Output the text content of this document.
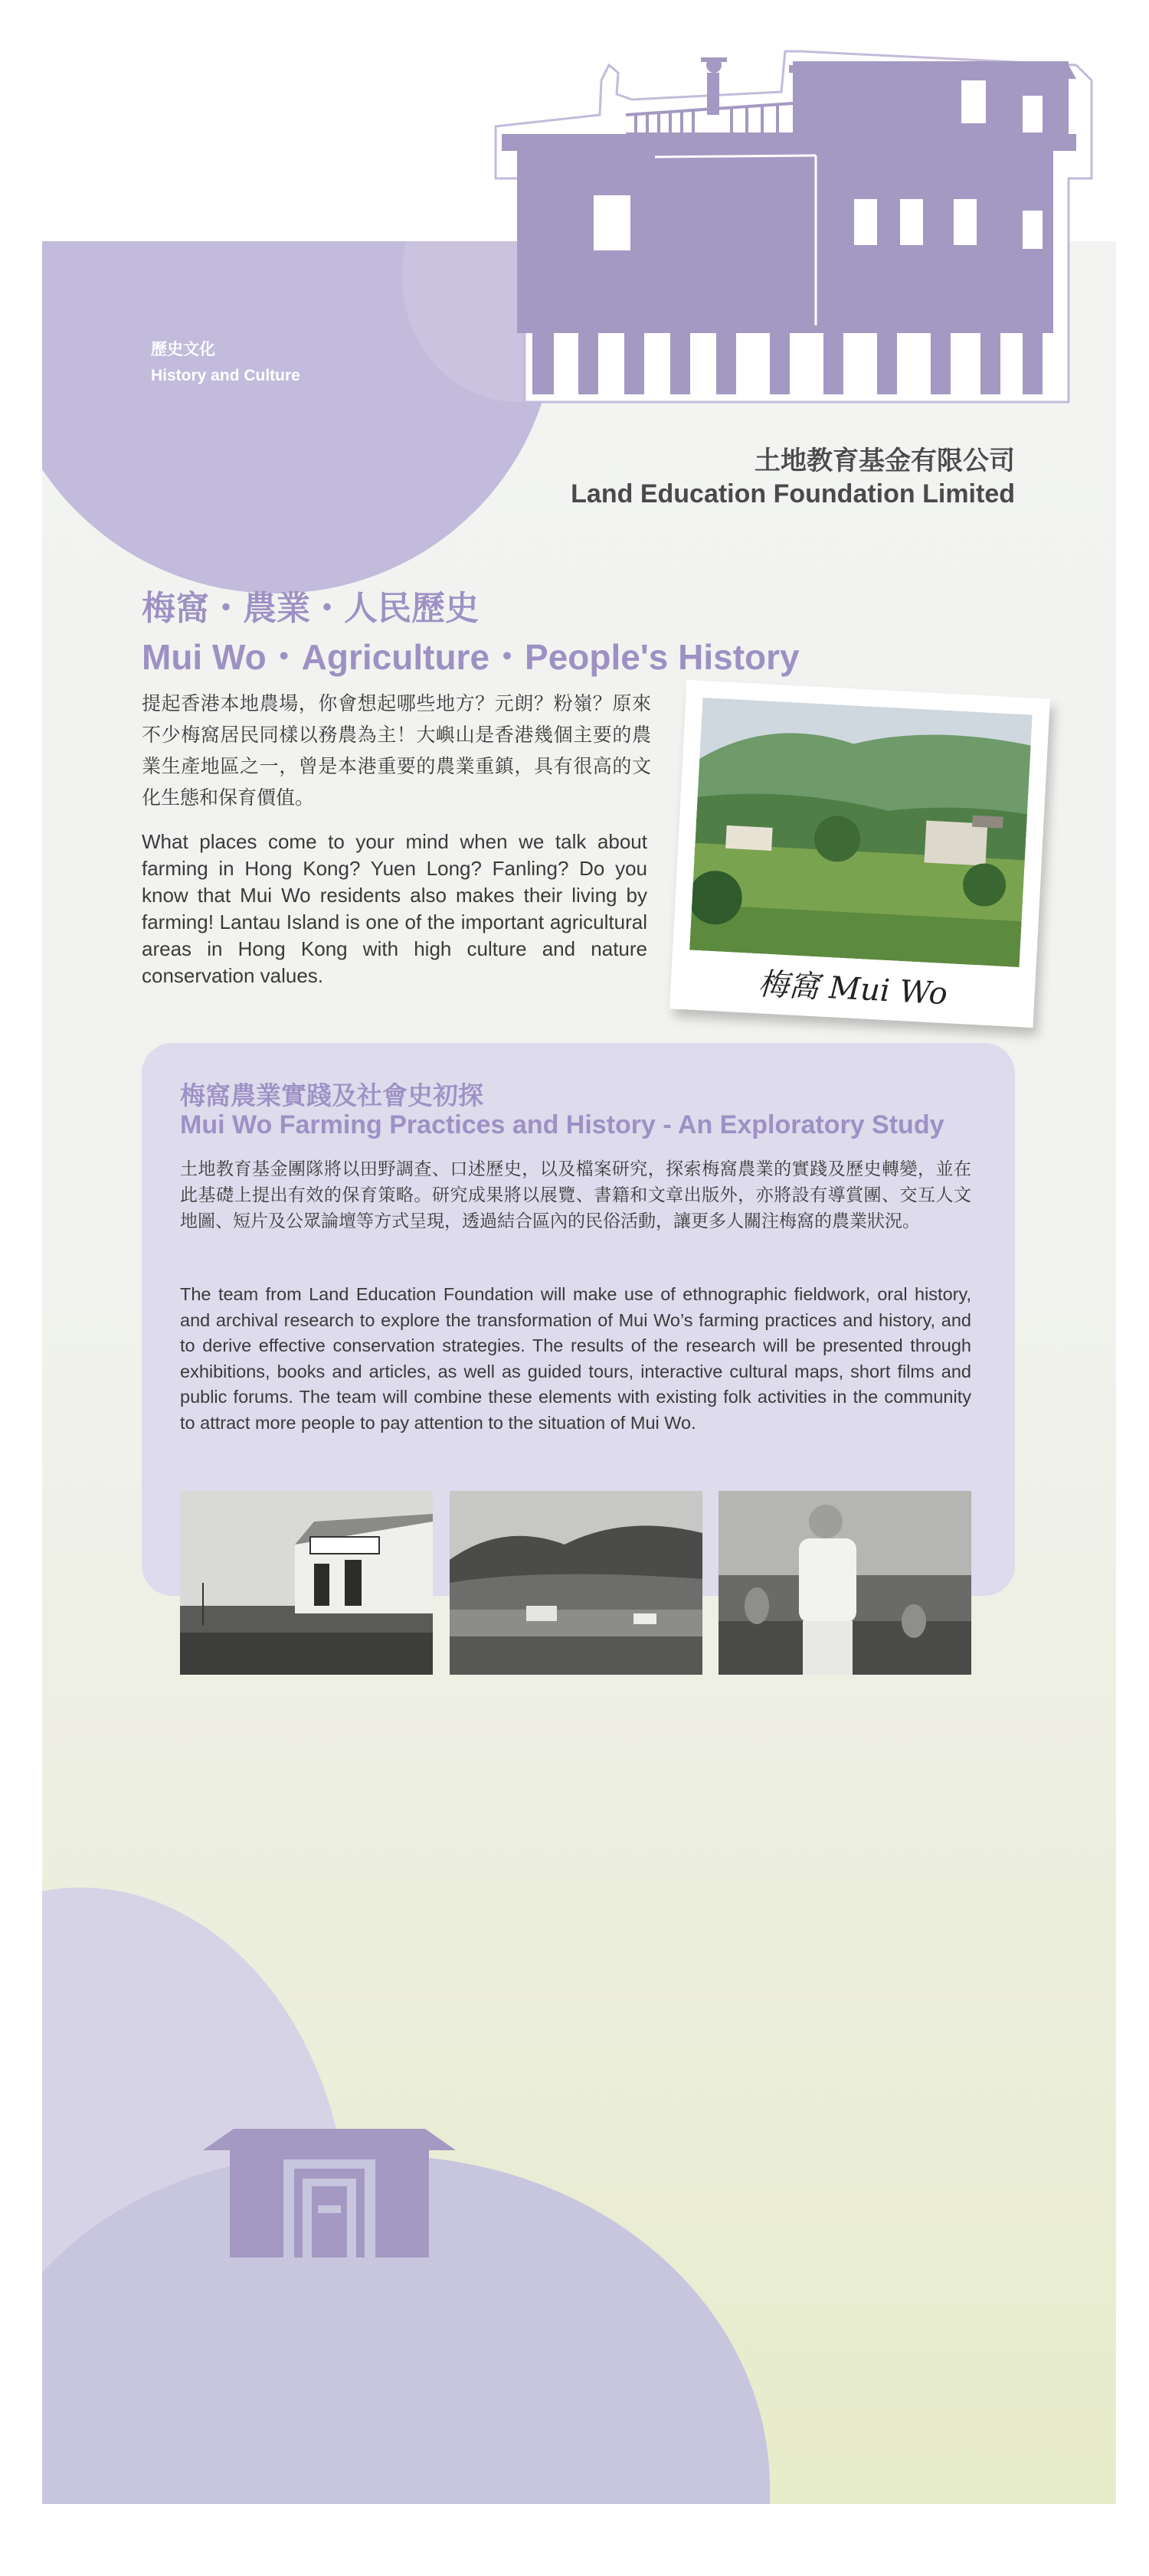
歷史文化
History and Culture
土地教育基金有限公司
Land Education Foundation Limited
梅窩・農業・人民歷史
Mui Wo・Agriculture・People's History
提起香港本地農場，你會想起哪些地方？元朗？粉嶺？原來不少梅窩居民同樣以務農為主！大嶼山是香港幾個主要的農業生產地區之一，曾是本港重要的農業重鎮，具有很高的文化生態和保育價值。
What places come to your mind when we talk about farming in Hong Kong? Yuen Long? Fanling? Do you know that Mui Wo residents also makes their living by farming! Lantau Island is one of the important agricultural areas in Hong Kong with high culture and nature conservation values.	梅窩 Mui Wo
梅窩農業實踐及社會史初探
Mui Wo Farming Practices and History - An Exploratory Study
土地教育基金團隊將以田野調查、口述歷史，以及檔案研究，探索梅窩農業的實踐及歷史轉變，並在此基礎上提出有效的保育策略。研究成果將以展覽、書籍和文章出版外，亦將設有導賞團、交互人文地圖、短片及公眾論壇等方式呈現，透過結合區內的民俗活動，讓更多人關注梅窩的農業狀況。
The team from Land Education Foundation will make use of ethnographic fieldwork, oral history, and archival research to explore the transformation of Mui Wo’s farming practices and history, and to derive effective conservation strategies. The results of the research will be presented through exhibitions, books and articles, as well as guided tours, interactive cultural maps, short films and public forums. The team will combine these elements with existing folk activities in the community to attract more people to pay attention to the situation of Mui Wo.
